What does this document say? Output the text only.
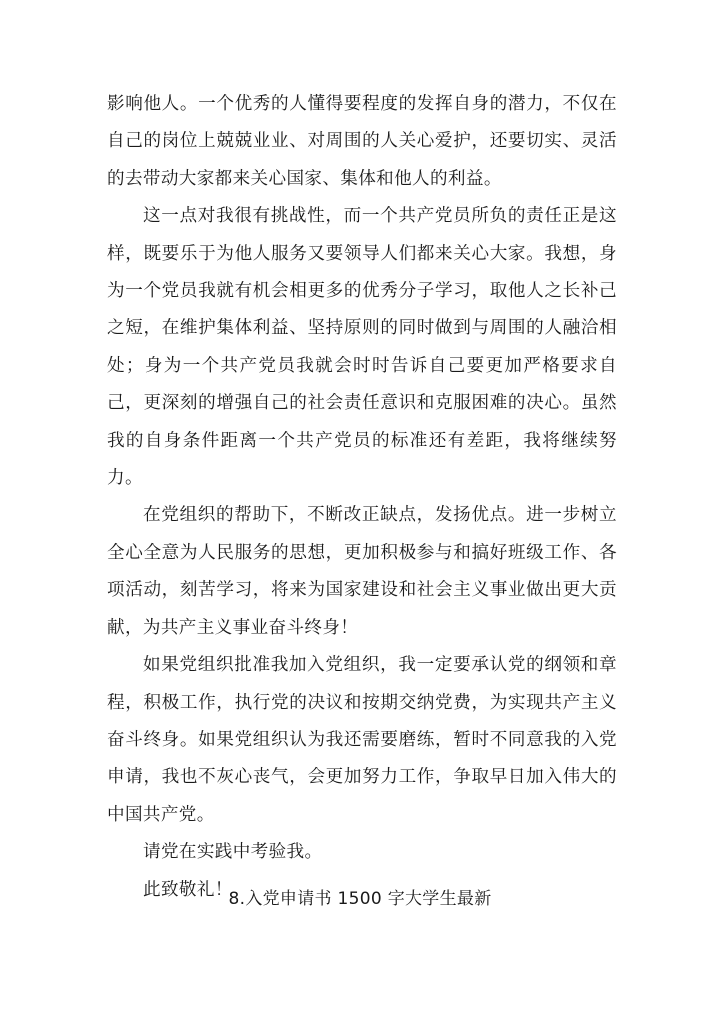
影响他人。一个优秀的人懂得要程度的发挥自身的潜力，不仅在自己的岗位上兢兢业业、对周围的人关心爱护，还要切实、灵活的去带动大家都来关心国家、集体和他人的利益。

这一点对我很有挑战性，而一个共产党员所负的责任正是这样，既要乐于为他人服务又要领导人们都来关心大家。我想，身为一个党员我就有机会相更多的优秀分子学习，取他人之长补己之短，在维护集体利益、坚持原则的同时做到与周围的人融洽相处；身为一个共产党员我就会时时告诉自己要更加严格要求自己，更深刻的增强自己的社会责任意识和克服困难的决心。虽然我的自身条件距离一个共产党员的标准还有差距，我将继续努力。

在党组织的帮助下，不断改正缺点，发扬优点。进一步树立全心全意为人民服务的思想，更加积极参与和搞好班级工作、各项活动，刻苦学习，将来为国家建设和社会主义事业做出更大贡献，为共产主义事业奋斗终身！

如果党组织批准我加入党组织，我一定要承认党的纲领和章程，积极工作，执行党的决议和按期交纳党费，为实现共产主义奋斗终身。如果党组织认为我还需要磨练，暂时不同意我的入党申请，我也不灰心丧气，会更加努力工作，争取早日加入伟大的中国共产党。

请党在实践中考验我。

此致敬礼！

8.入党申请书 1500 字大学生最新
